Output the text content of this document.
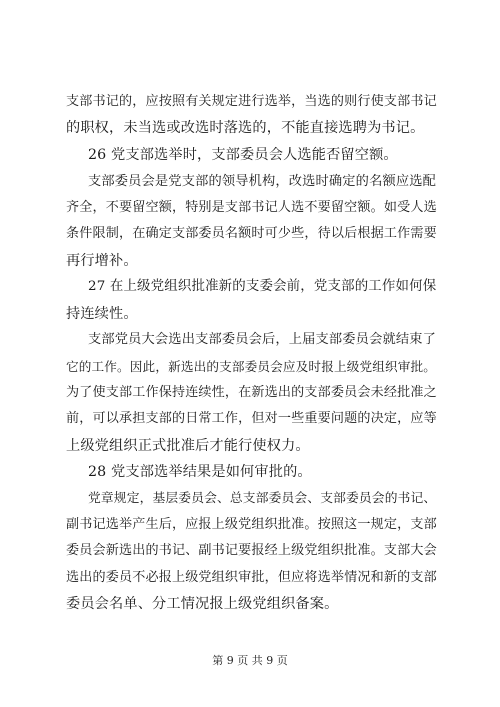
支部书记的，应按照有关规定进行选举，当选的则行使支部书记
的职权，未当选或改选时落选的，不能直接选聘为书记。
26 党支部选举时，支部委员会人选能否留空额。
支部委员会是党支部的领导机构，改选时确定的名额应选配
齐全，不要留空额，特别是支部书记人选不要留空额。如受人选
条件限制，在确定支部委员名额时可少些，待以后根据工作需要
再行增补。
27 在上级党组织批准新的支委会前，党支部的工作如何保
持连续性。
支部党员大会选出支部委员会后，上届支部委员会就结束了
它的工作。因此，新选出的支部委员会应及时报上级党组织审批。
为了使支部工作保持连续性，在新选出的支部委员会未经批准之
前，可以承担支部的日常工作，但对一些重要问题的决定，应等
上级党组织正式批准后才能行使权力。
28 党支部选举结果是如何审批的。
党章规定，基层委员会、总支部委员会、支部委员会的书记、
副书记选举产生后，应报上级党组织批准。按照这一规定，支部
委员会新选出的书记、副书记要报经上级党组织批准。支部大会
选出的委员不必报上级党组织审批，但应将选举情况和新的支部
委员会名单、分工情况报上级党组织备案。
第 9 页 共 9 页
